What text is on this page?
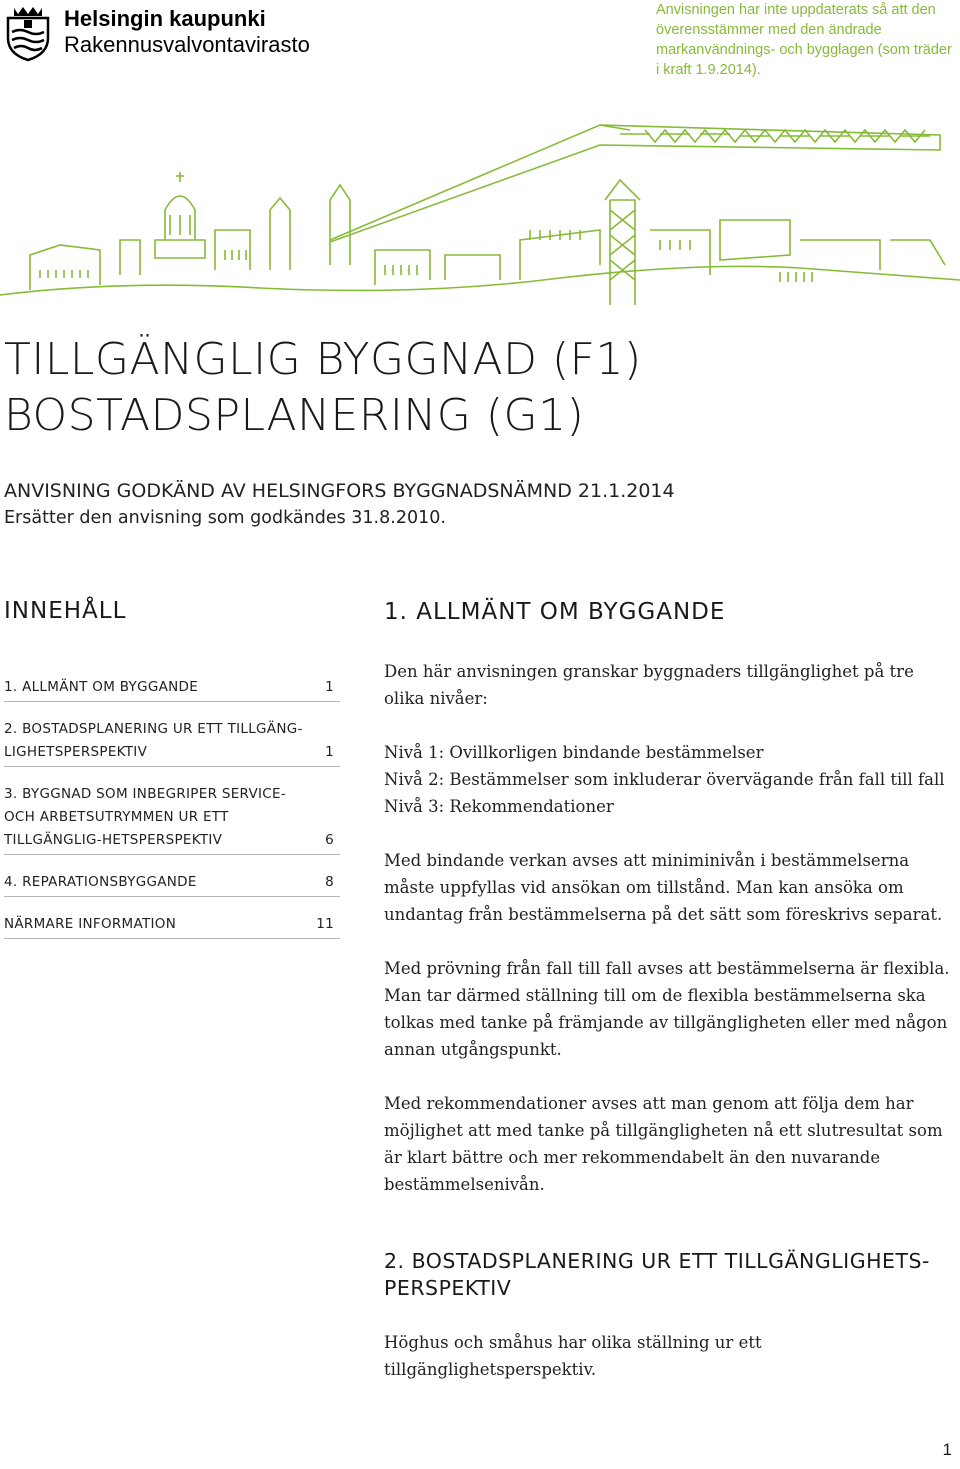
Helsingin kaupunki
Rakennusvalvontavirasto
Anvisningen har inte uppdaterats så att den överensstämmer med den ändrade markanvändnings- och bygglagen (som träder i kraft 1.9.2014).
TILLGÄNGLIG BYGGNAD (F1)
BOSTADSPLANERING (G1)
ANVISNING GODKÄND AV HELSINGFORS BYGGNADSNÄMND 21.1.2014
Ersätter den anvisning som godkändes 31.8.2010.
INNEHÅLL
1. ALLMÄNT OM BYGGANDE	1
2. BOSTADSPLANERING UR ETT TILLGÄNG-LIGHETSPERSPEKTIV	1
3. BYGGNAD SOM INBEGRIPER SERVICE- OCH ARBETSUTRYMMEN UR ETT TILLGÄNGLIG-HETSPERSPEKTIV	6
4. REPARATIONSBYGGANDE	8
NÄRMARE INFORMATION	11
1. ALLMÄNT OM BYGGANDE

Den här anvisningen granskar byggnaders tillgänglighet på tre olika nivåer:

Nivå 1: Ovillkorligen bindande bestämmelser

Nivå 2: Bestämmelser som inkluderar övervägande från fall till fall

Nivå 3: Rekommendationer

Med bindande verkan avses att miniminivån i bestämmelserna måste uppfyllas vid ansökan om tillstånd. Man kan ansöka om undantag från bestämmelserna på det sätt som föreskrivs separat.

Med prövning från fall till fall avses att bestämmelserna är flexibla. Man tar därmed ställning till om de flexibla bestämmelserna ska tolkas med tanke på främjande av tillgängligheten eller med någon annan utgångspunkt.

Med rekommendationer avses att man genom att följa dem har möjlighet att med tanke på tillgängligheten nå ett slutresultat som är klart bättre och mer rekommendabelt än den nuvarande bestämmelsenivån.

2. BOSTADSPLANERING UR ETT TILLGÄNGLIGHETS-PERSPEKTIV

Höghus och småhus har olika ställning ur ett tillgänglighetsperspektiv.

1
